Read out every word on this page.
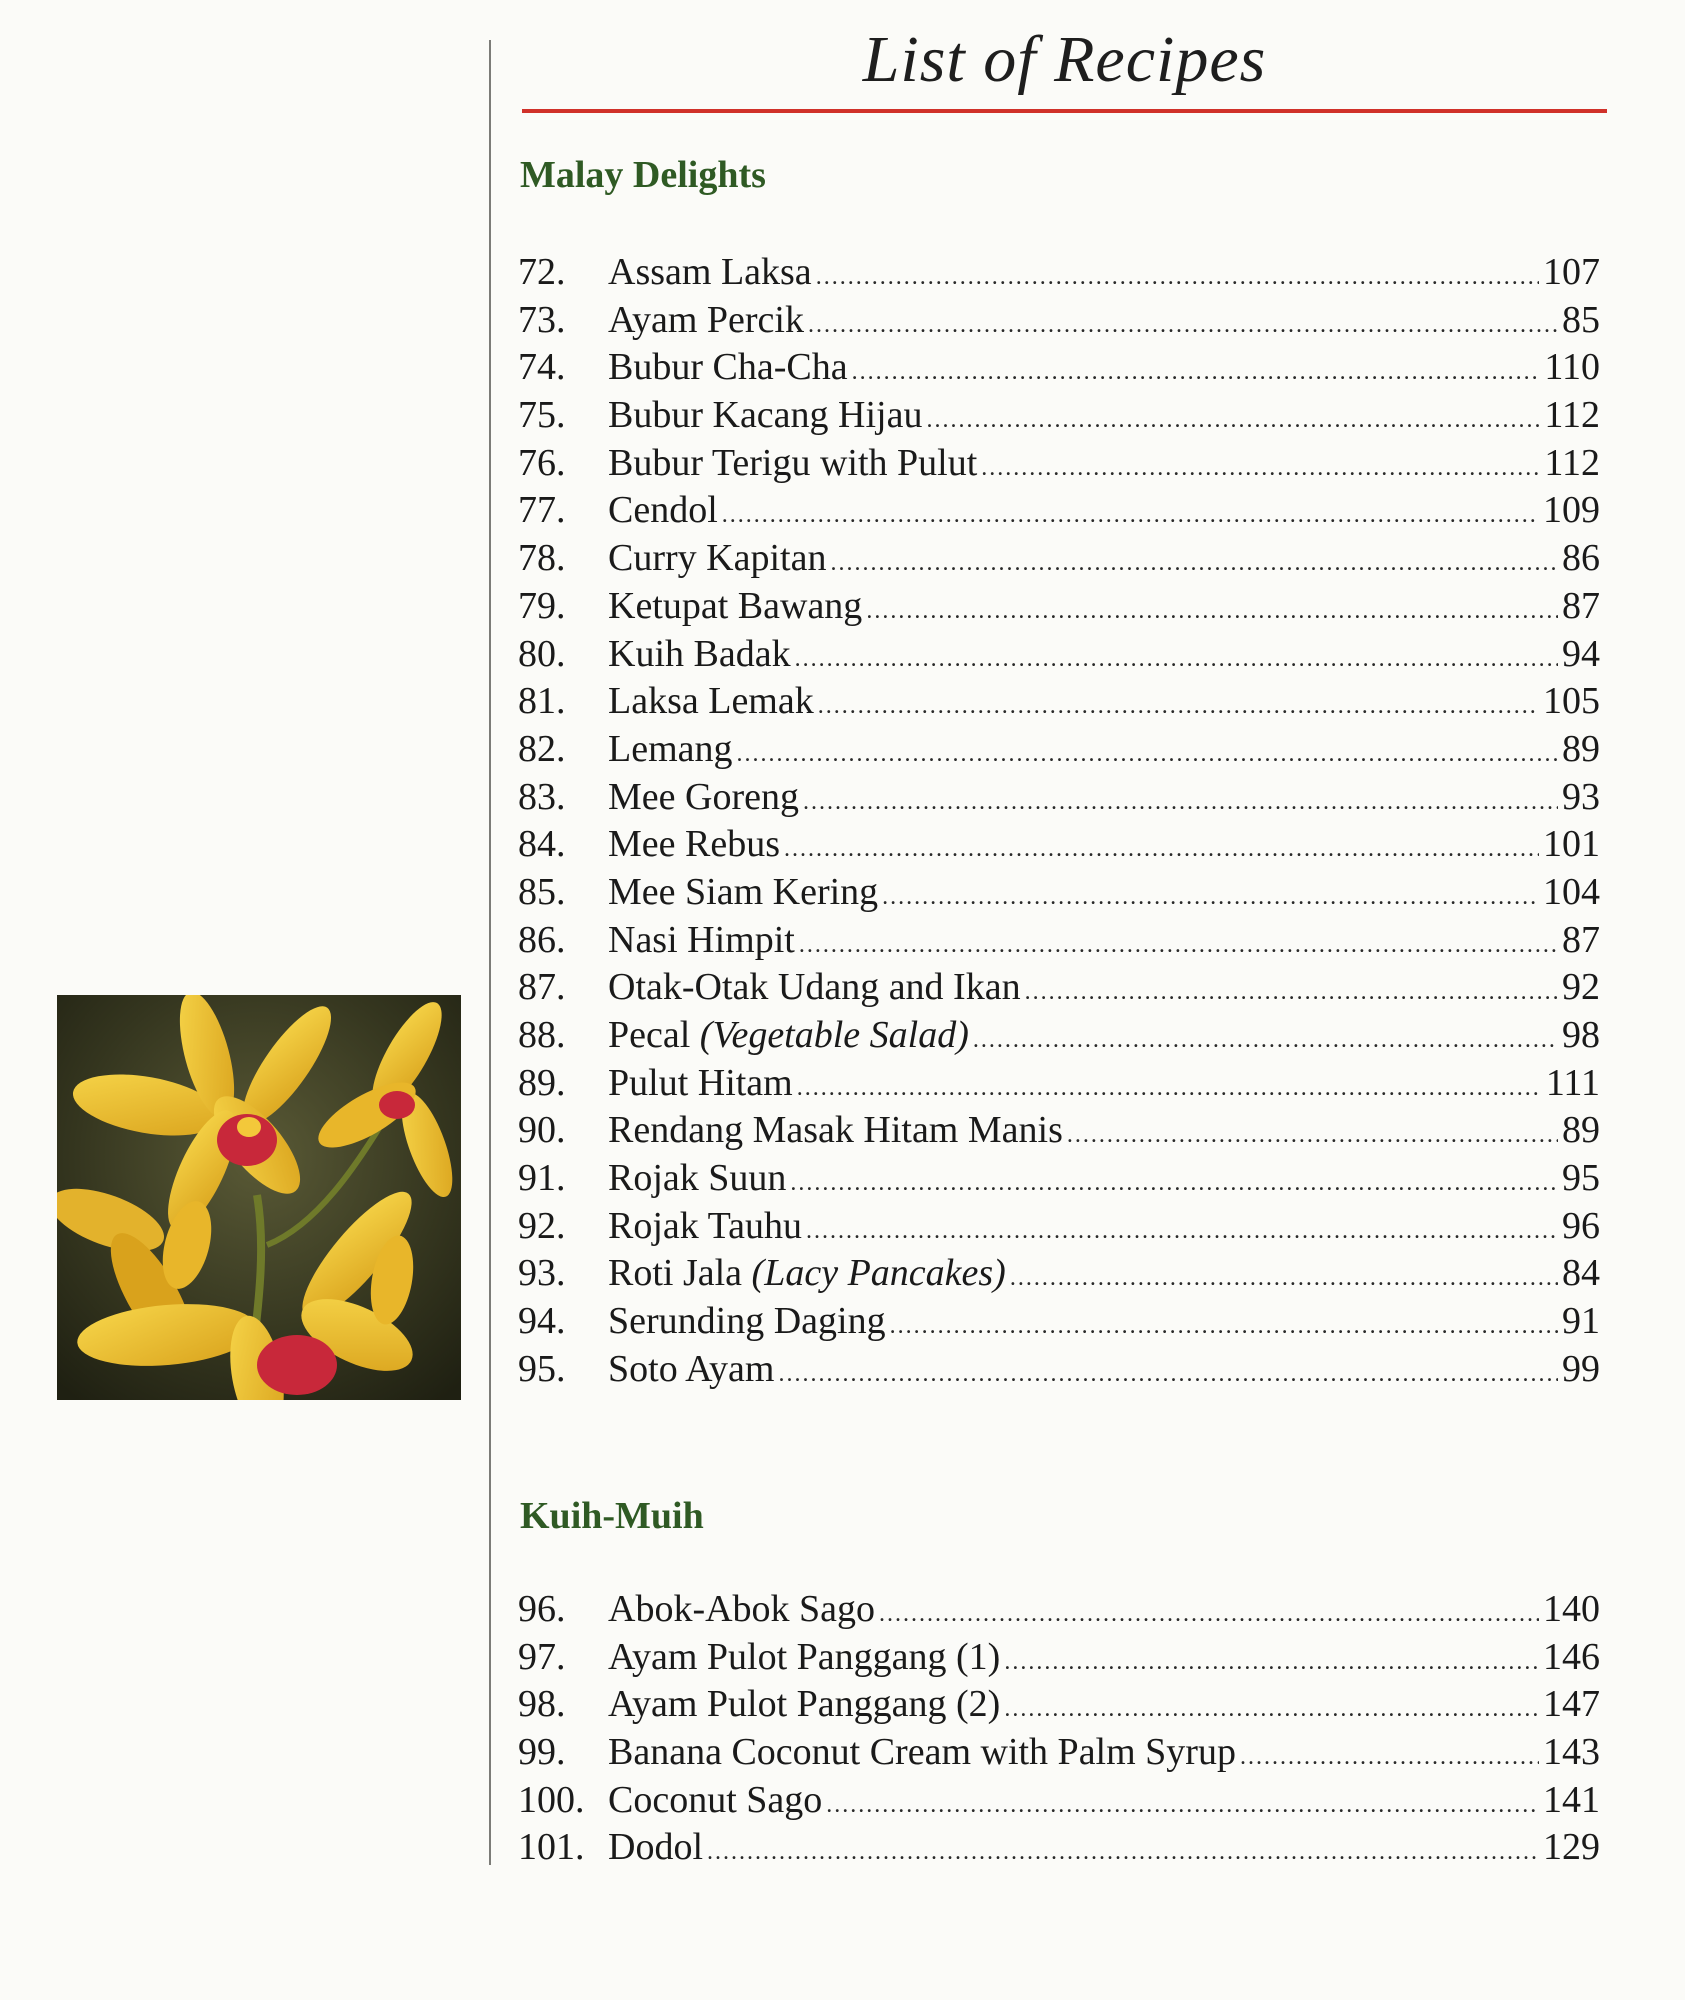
List of Recipes
Malay Delights
72.	Assam Laksa .....	107
73.	Ayam Percik .....	85
74.	Bubur Cha-Cha .....	110
75.	Bubur Kacang Hijau .....	112
76.	Bubur Terigu with Pulut .....	112
77.	Cendol .....	109
78.	Curry Kapitan .....	86
79.	Ketupat Bawang .....	87
80.	Kuih Badak .....	94
81.	Laksa Lemak .....	105
82.	Lemang .....	89
83.	Mee Goreng .....	93
84.	Mee Rebus .....	101
85.	Mee Siam Kering .....	104
86.	Nasi Himpit .....	87
87.	Otak-Otak Udang and Ikan .....	92
88.	Pecal (Vegetable Salad) .....	98
89.	Pulut Hitam .....	111
90.	Rendang Masak Hitam Manis .....	89
91.	Rojak Suun .....	95
92.	Rojak Tauhu .....	96
93.	Roti Jala (Lacy Pancakes) .....	84
94.	Serunding Daging .....	91
95.	Soto Ayam .....	99
Kuih-Muih
96.	Abok-Abok Sago .....	140
97.	Ayam Pulot Panggang (1) .....	146
98.	Ayam Pulot Panggang (2) .....	147
99.	Banana Coconut Cream with Palm Syrup .....	143
100. Coconut Sago .....	141
101. Dodol .....	129
